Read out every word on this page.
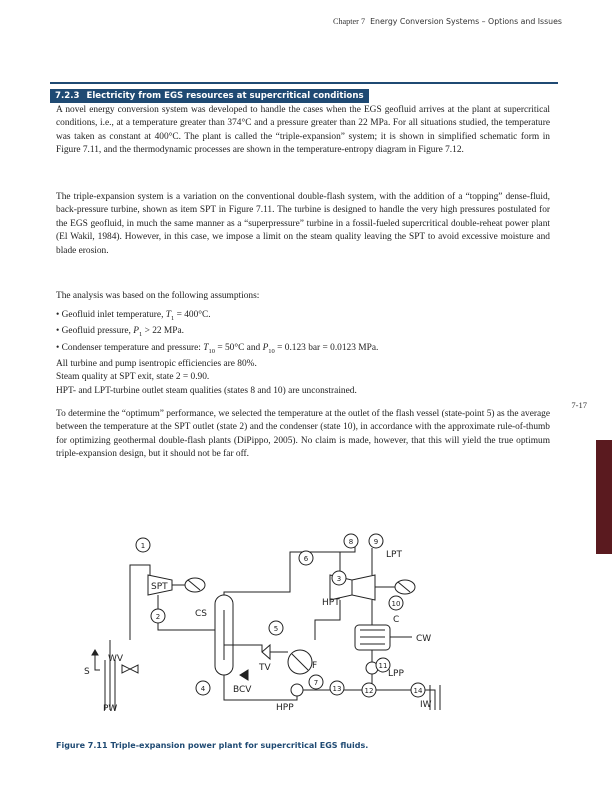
Chapter 7 Energy Conversion Systems – Options and Issues
7.2.3 Electricity from EGS resources at supercritical conditions

A novel energy conversion system was developed to handle the cases when the EGS geofluid arrives at the plant at supercritical conditions, i.e., at a temperature greater than 374°C and a pressure greater than 22 MPa. For all situations studied, the temperature was taken as constant at 400°C. The plant is called the “triple-expansion” system; it is shown in simplified schematic form in Figure 7.11, and the thermodynamic processes are shown in the temperature-entropy diagram in Figure 7.12.

The triple-expansion system is a variation on the conventional double-flash system, with the addition of a “topping” dense-fluid, back-pressure turbine, shown as item SPT in Figure 7.11. The turbine is designed to handle the very high pressures postulated for the EGS geofluid, in much the same manner as a “superpressure” turbine in a fossil-fueled supercritical double-reheat power plant (El Wakil, 1984). However, in this case, we impose a limit on the steam quality leaving the SPT to avoid excessive moisture and blade erosion.

The analysis was based on the following assumptions:

• Geofluid inlet temperature, $T_1 = 400^\circ C$.
• Geofluid pressure, $P_1 > 22$ MPa.
• Condenser temperature and pressure: $T_{10} = 50^\circ C$ and $P_{10} = 0.123$ bar = 0.0123 MPa.
All turbine and pump isentropic efficiencies are 80%.
Steam quality at SPT exit, state 2 = 0.90.
HPT- and LPT-turbine outlet steam qualities (states 8 and 10) are unconstrained.

To determine the “optimum” performance, we selected the temperature at the outlet of the flash vessel (state-point 5) as the average between the temperature at the SPT outlet (state 2) and the condenser (state 10), in accordance with the approximate rule-of-thumb for optimizing geothermal double-flash plants (DiPippo, 2005). No claim is made, however, that this will yield the true optimum triple-expansion design, but it should not be far off.

7-17
1
2
3
4
5
6
7
8	9
10
11
12
13	14
SPT
CS
LPT
HPT
C
CW
LPP
HPP
TV	F
BCV
WV
S
PW	IW
Figure 7.11 Triple-expansion power plant for supercritical EGS fluids.
